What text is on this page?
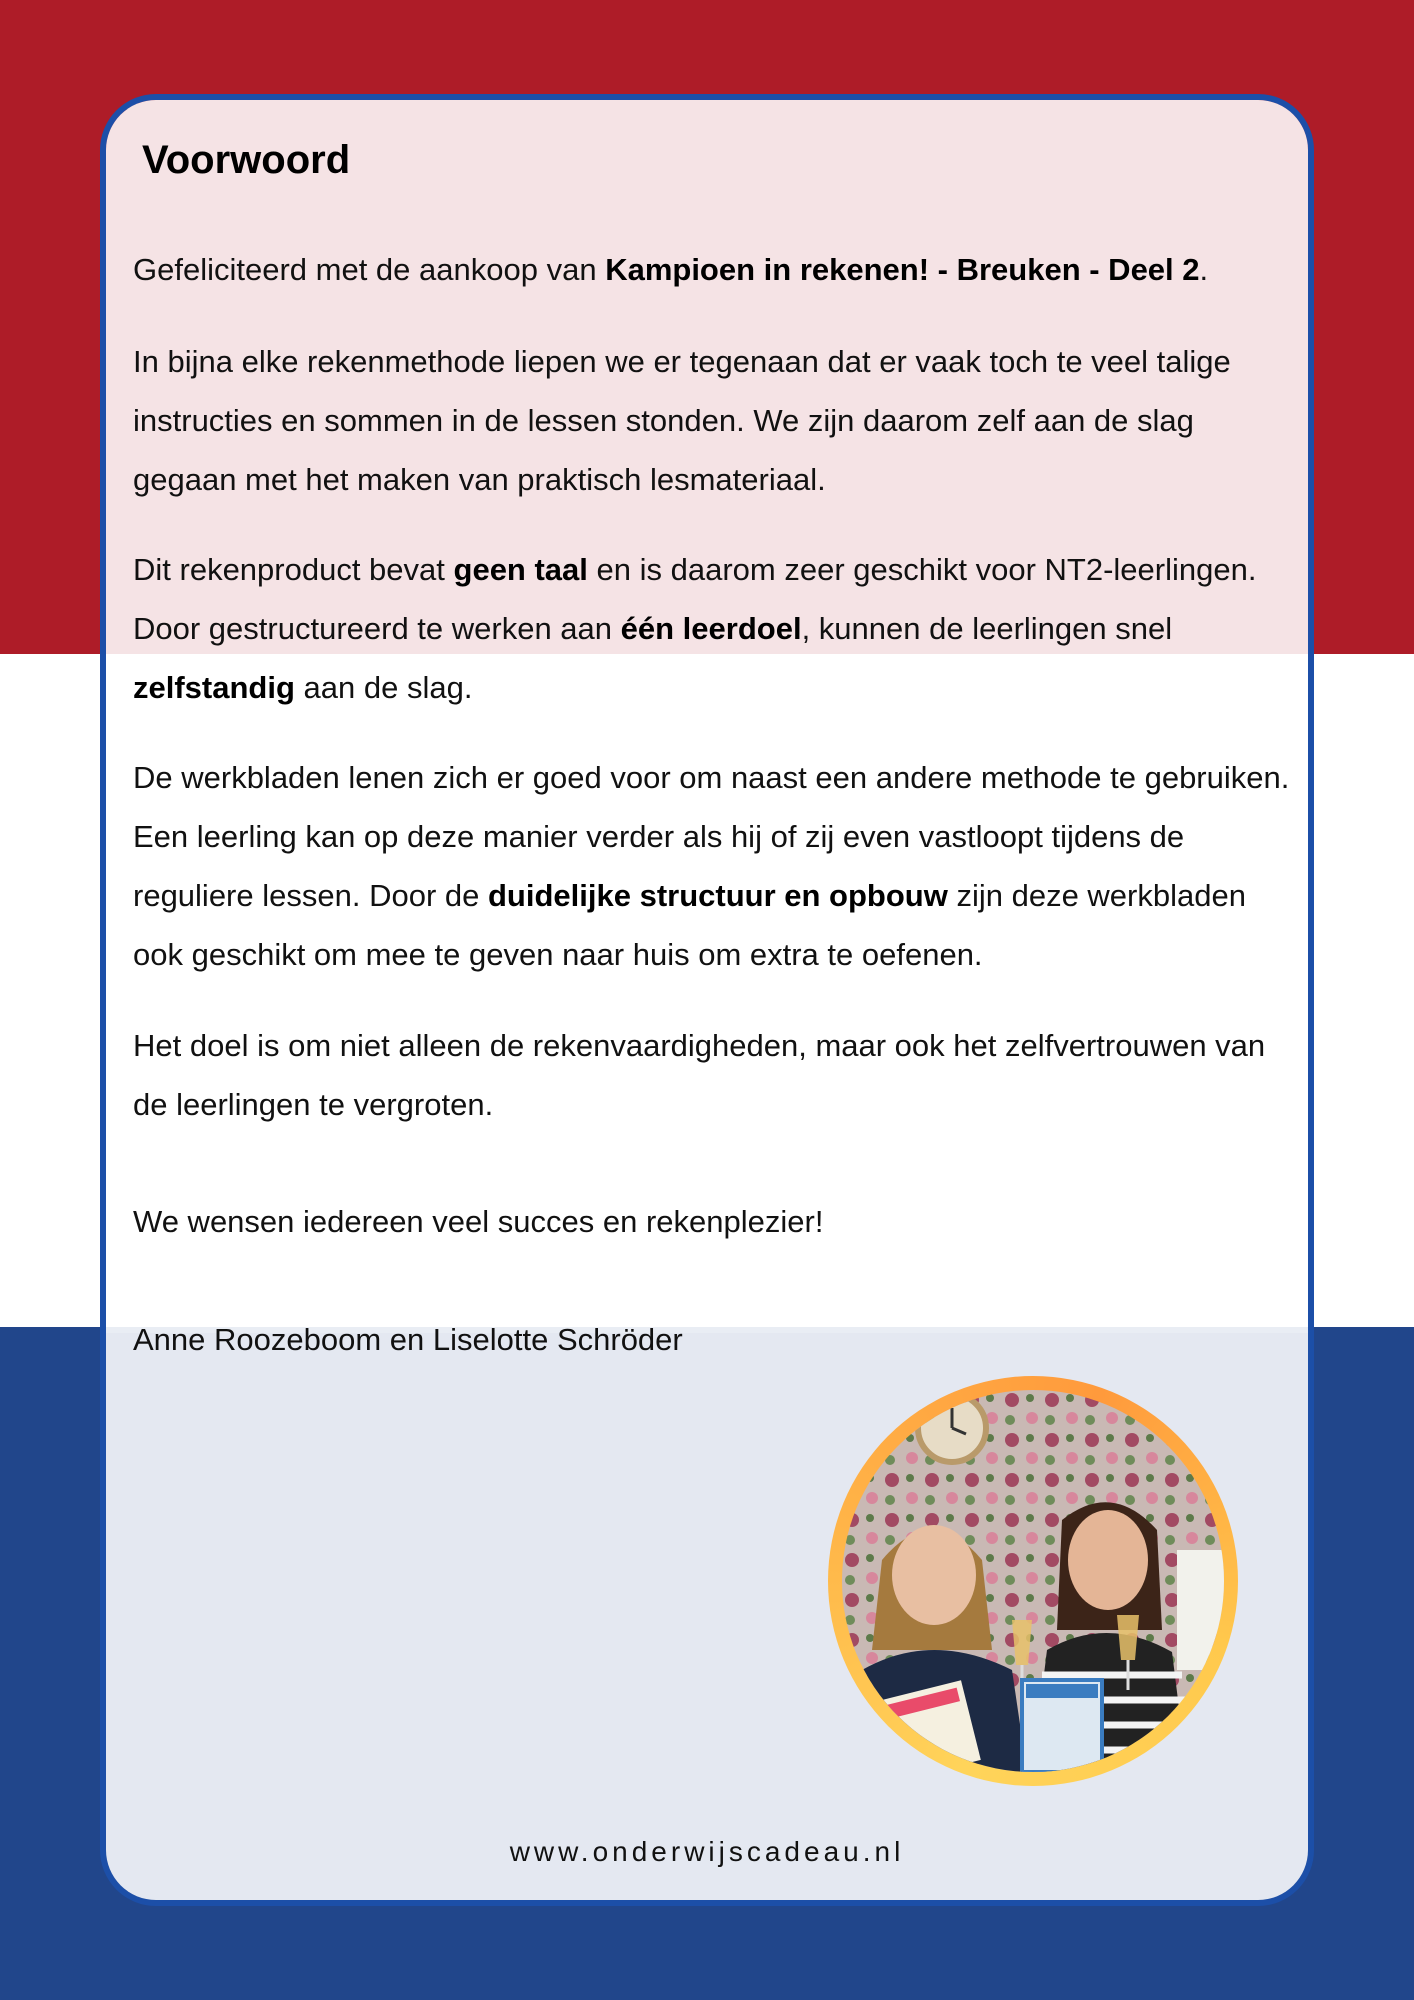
Voorwoord

Gefeliciteerd met de aankoop van Kampioen in rekenen! - Breuken - Deel 2.

In bijna elke rekenmethode liepen we er tegenaan dat er vaak toch te veel talige instructies en sommen in de lessen stonden. We zijn daarom zelf aan de slag gegaan met het maken van praktisch lesmateriaal.

Dit rekenproduct bevat geen taal en is daarom zeer geschikt voor NT2-leerlingen. Door gestructureerd te werken aan één leerdoel, kunnen de leerlingen snel zelfstandig aan de slag.

De werkbladen lenen zich er goed voor om naast een andere methode te gebruiken. Een leerling kan op deze manier verder als hij of zij even vastloopt tijdens de reguliere lessen. Door de duidelijke structuur en opbouw zijn deze werkbladen ook geschikt om mee te geven naar huis om extra te oefenen.

Het doel is om niet alleen de rekenvaardigheden, maar ook het zelfvertrouwen van de leerlingen te vergroten.

We wensen iedereen veel succes en rekenplezier!

Anne Roozeboom en Liselotte Schröder

www.onderwijscadeau.nl
